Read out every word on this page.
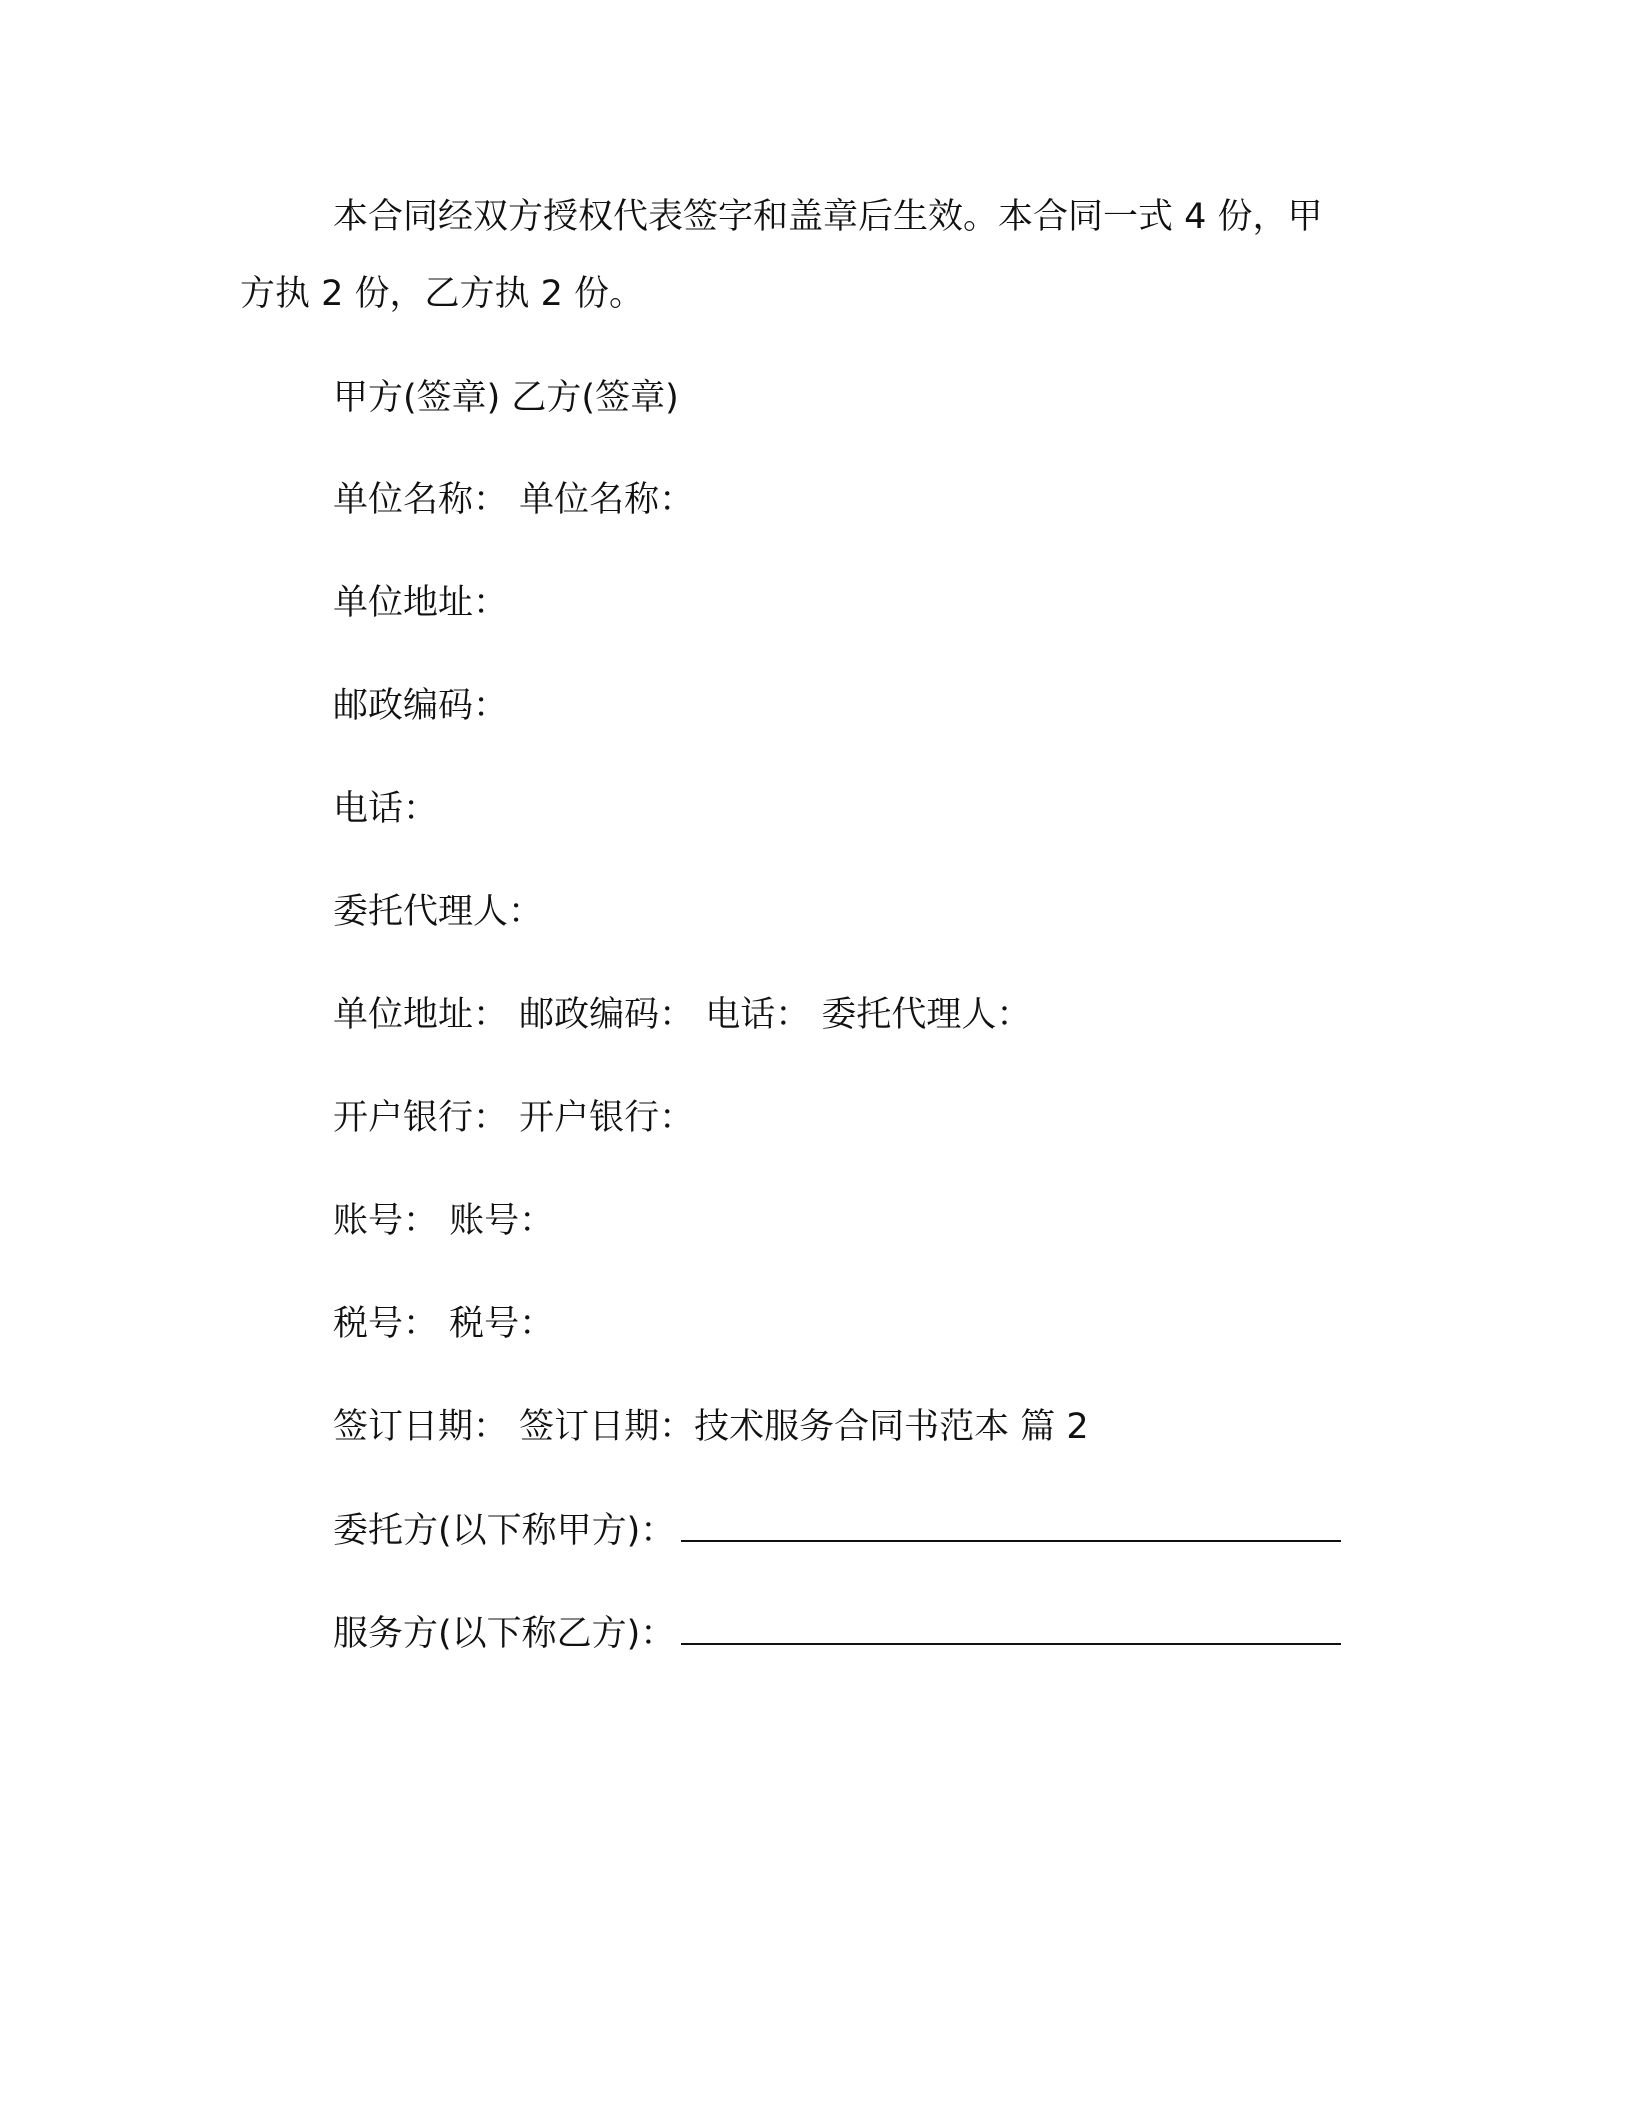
本合同经双方授权代表签字和盖章后生效。本合同一式 4 份，甲
方执 2 份，乙方执 2 份。
甲方(签章) 乙方(签章)
单位名称： 单位名称：
单位地址：
邮政编码：
电话：
委托代理人：
单位地址： 邮政编码： 电话： 委托代理人：
开户银行： 开户银行：
账号： 账号：
税号： 税号：
签订日期： 签订日期：技术服务合同书范本 篇 2
委托方(以下称甲方)：
服务方(以下称乙方)：
